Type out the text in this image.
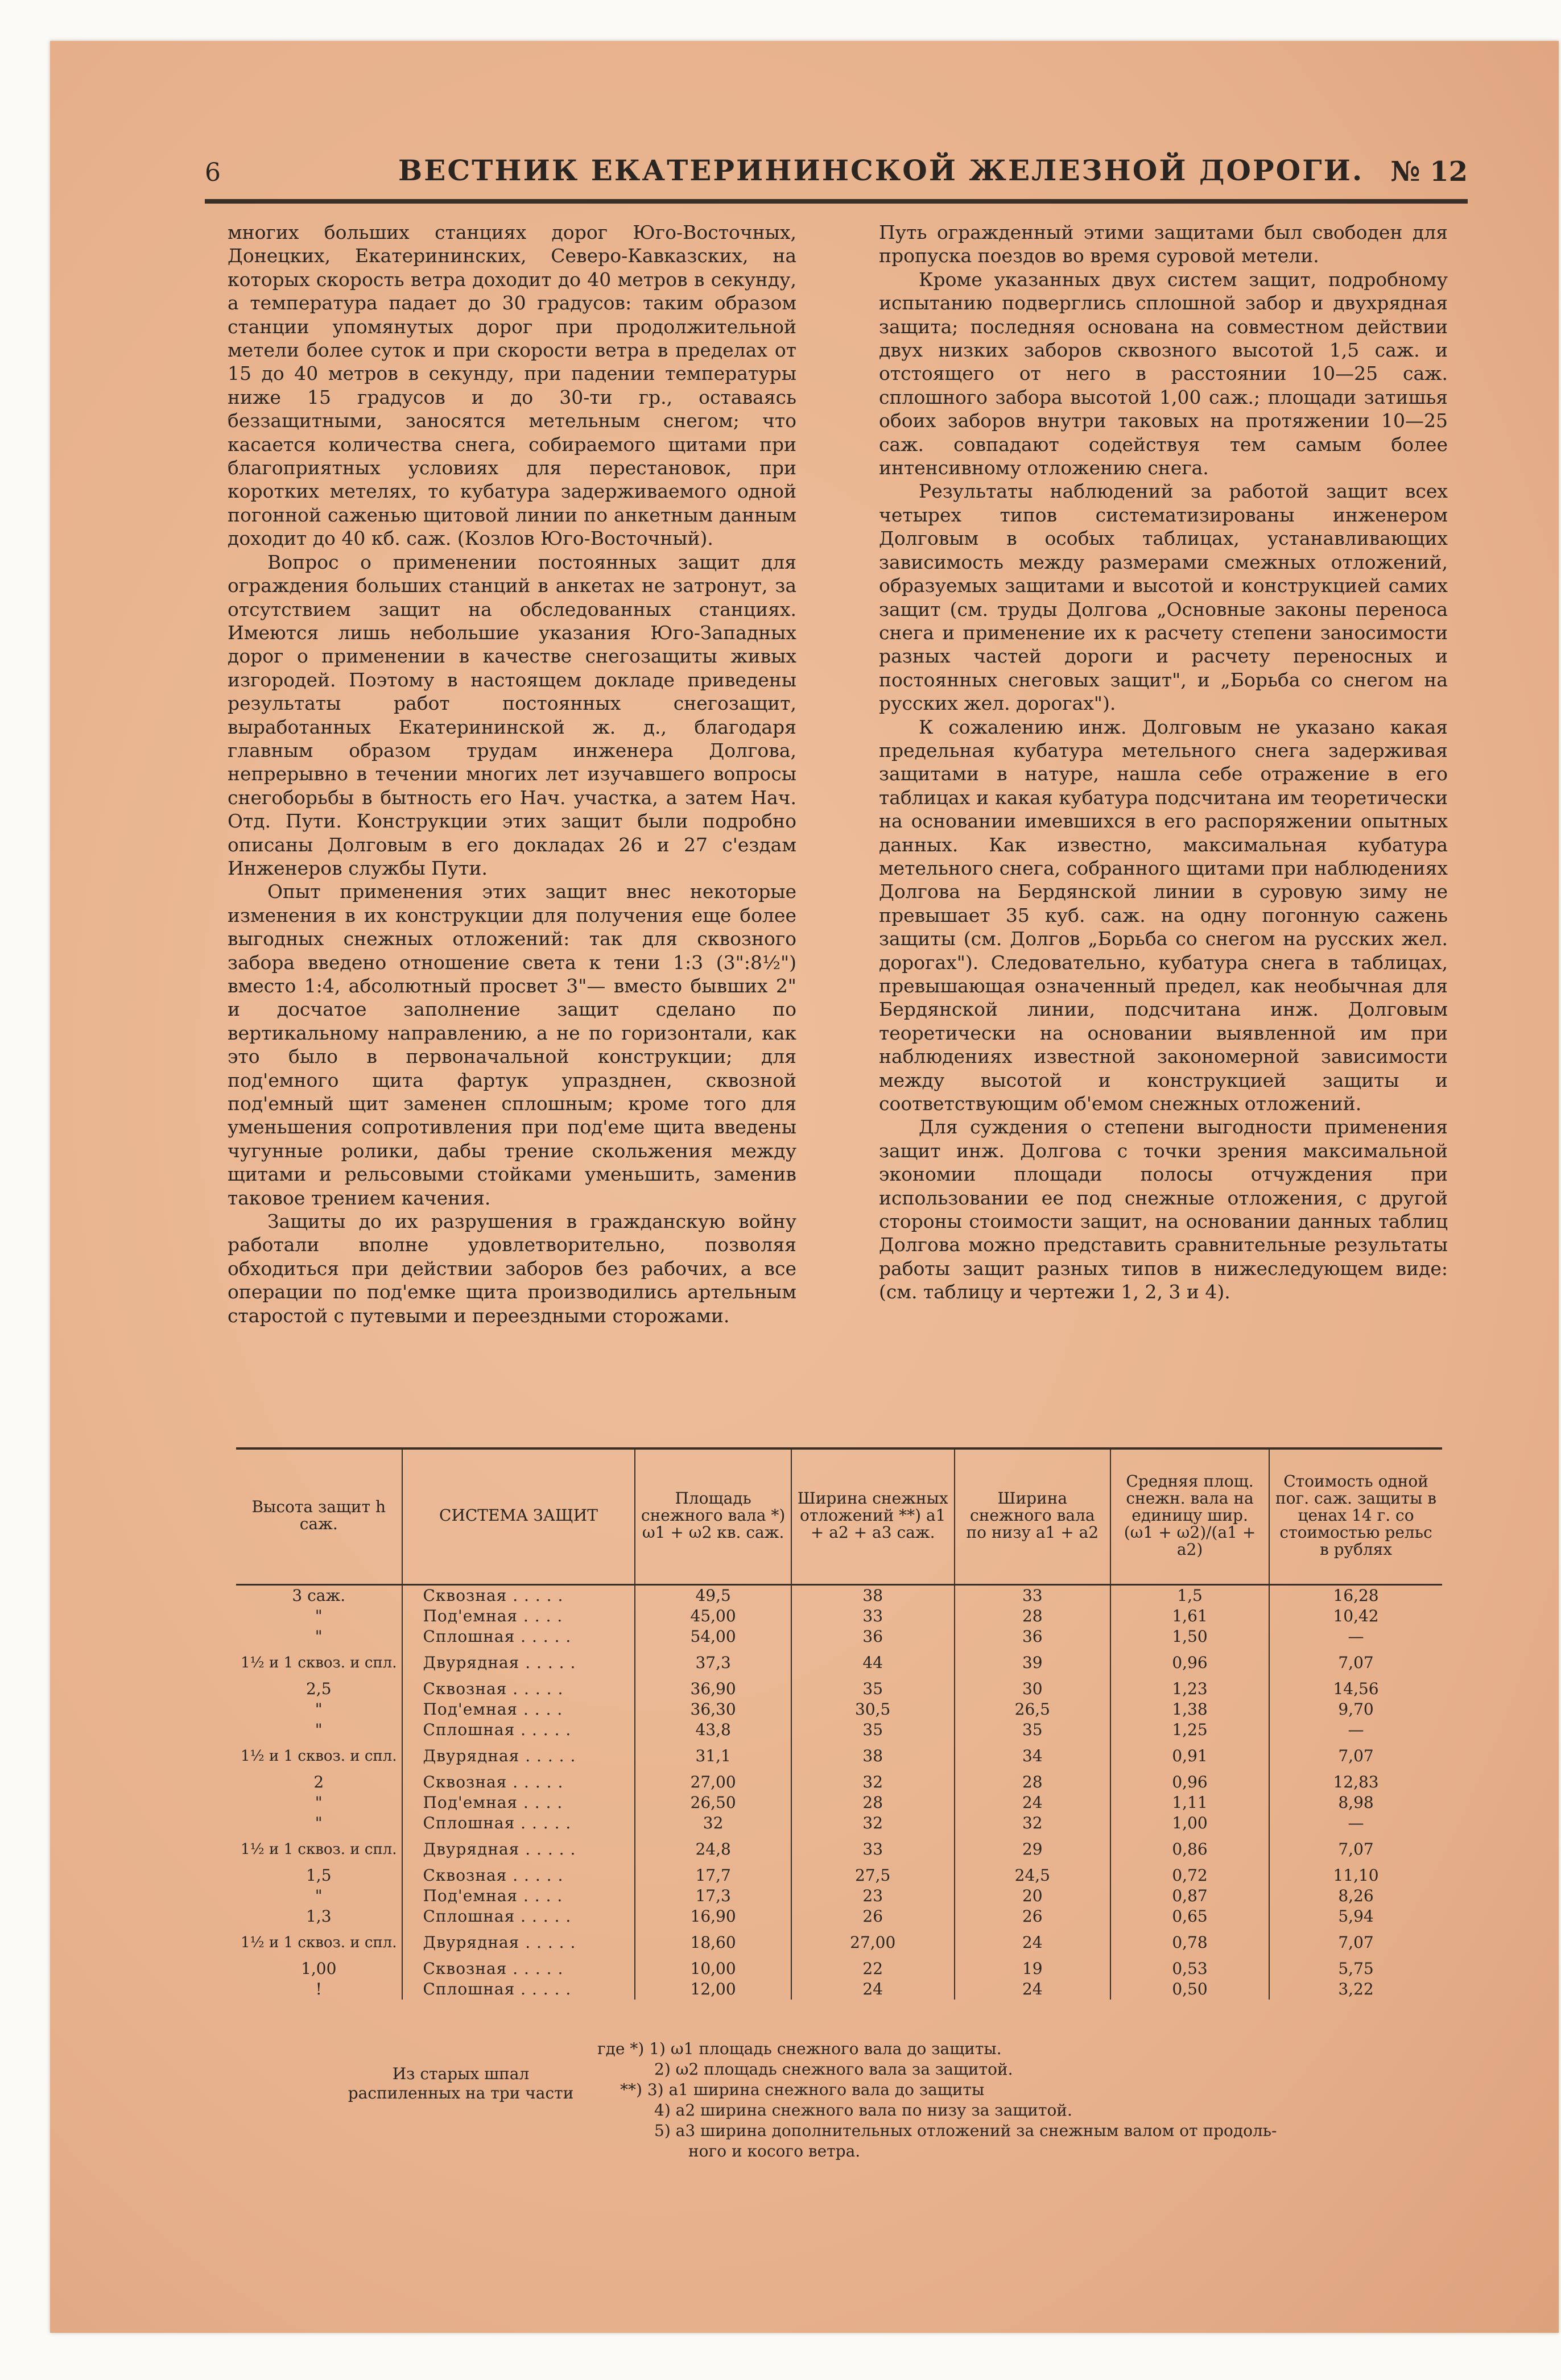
6	ВЕСТНИК ЕКАТЕРИНИНСКОЙ ЖЕЛЕЗНОЙ ДОРОГИ. № 12

многих больших станциях дорог Юго-Восточных, Донецких, Екатерининских, Северо-Кавказских, на которых скорость ветра доходит до 40 метров в секунду, а температура падает до 30 градусов: таким образом станции упомянутых дорог при продолжительной метели более суток и при скорости ветра в пределах от 15 до 40 метров в секунду, при падении температуры ниже 15 градусов и до 30-ти гр., оставаясь беззащитными, заносятся метельным снегом; что касается количества снега, собираемого щитами при благоприятных условиях для перестановок, при коротких метелях, то кубатура задерживаемого одной погонной саженью щитовой линии по анкетным данным доходит до 40 кб. саж. (Козлов Юго-Восточный).

Вопрос о применении постоянных защит для ограждения больших станций в анкетах не затронут, за отсутствием защит на обследованных станциях. Имеются лишь небольшие указания Юго-Западных дорог о применении в качестве снегозащиты живых изгородей. Поэтому в настоящем докладе приведены результаты работ постоянных снегозащит, выработанных Екатерининской ж. д., благодаря главным образом трудам инженера Долгова, непрерывно в течении многих лет изучавшего вопросы снегоборьбы в бытность его Нач. участка, а затем Нач. Отд. Пути. Конструкции этих защит были подробно описаны Долговым в его докладах 26 и 27 с'ездам Инженеров службы Пути.

Опыт применения этих защит внес некоторые изменения в их конструкции для получения еще более выгодных снежных отложений: так для сквозного забора введено отношение света к тени 1:3 (3":8½") вместо 1:4, абсолютный просвет 3"— вместо бывших 2" и досчатое заполнение защит сделано по вертикальному направлению, а не по горизонтали, как это было в первоначальной конструкции; для под'емного щита фартук упразднен, сквозной под'емный щит заменен сплошным; кроме того для уменьшения сопротивления при под'еме щита введены чугунные ролики, дабы трение скольжения между щитами и рельсовыми стойками уменьшить, заменив таковое трением качения.

Защиты до их разрушения в гражданскую войну работали вполне удовлетворительно, позволяя обходиться при действии заборов без рабочих, а все операции по под'емке щита производились артельным старостой с путевыми и переездными сторожами.

Путь огражденный этими защитами был свободен для пропуска поездов во время суровой метели.

Кроме указанных двух систем защит, подробному испытанию подверглись сплошной забор и двухрядная защита; последняя основана на совместном действии двух низких заборов сквозного высотой 1,5 саж. и отстоящего от него в расстоянии 10—25 саж. сплошного забора высотой 1,00 саж.; площади затишья обоих заборов внутри таковых на протяжении 10—25 саж. совпадают содействуя тем самым более интенсивному отложению снега.

Результаты наблюдений за работой защит всех четырех типов систематизированы инженером Долговым в особых таблицах, устанавливающих зависимость между размерами смежных отложений, образуемых защитами и высотой и конструкцией самих защит (см. труды Долгова „Основные законы переноса снега и применение их к расчету степени заносимости разных частей дороги и расчету переносных и постоянных снеговых защит", и „Борьба со снегом на русских жел. дорогах").

К сожалению инж. Долговым не указано какая предельная кубатура метельного снега задерживая защитами в натуре, нашла себе отражение в его таблицах и какая кубатура подсчитана им теоретически на основании имевшихся в его распоряжении опытных данных. Как известно, максимальная кубатура метельного снега, собранного щитами при наблюдениях Долгова на Бердянской линии в суровую зиму не превышает 35 куб. саж. на одну погонную сажень защиты (см. Долгов „Борьба со снегом на русских жел. дорогах"). Следовательно, кубатура снега в таблицах, превышающая означенный предел, как необычная для Бердянской линии, подсчитана инж. Долговым теоретически на основании выявленной им при наблюдениях известной закономерной зависимости между высотой и конструкцией защиты и соответствующим об'емом снежных отложений.

Для суждения о степени выгодности применения защит инж. Долгова с точки зрения максимальной экономии площади полосы отчуждения при использовании ее под снежные отложения, с другой стороны стоимости защит, на основании данных таблиц Долгова можно представить сравнительные результаты работы защит разных типов в нижеследующем виде: (см. таблицу и чертежи 1, 2, 3 и 4).

Высота защит h саж.	СИСТЕМА ЗАЩИТ	Площадь снежного вала *) ω1 + ω2 кв. саж.	Ширина снежных отложений **) a1 + a2 + a3 саж.	Ширина снежного вала по низу a1 + a2	Средняя площ. снежн. вала на единицу шир. (ω1 + ω2)/(a1 + a2)	Стоимость одной пог. саж. защиты в ценах 14 г. со стоимостью рельс в рублях
3 саж.	Сквозная . . . . .	49,5	38	33	1,5	16,28
"	Под'емная . . . .	45,00	33	28	1,61	10,42
"	Сплошная . . . . .	54,00	36	36	1,50	—
1½ и 1 сквоз. и спл.	Двурядная . . . . .	37,3	44	39	0,96	7,07
2,5	Сквозная . . . . .	36,90	35	30	1,23	14,56
"	Под'емная . . . .	36,30	30,5	26,5	1,38	9,70
"	Сплошная . . . . .	43,8	35	35	1,25	—
1½ и 1 сквоз. и спл.	Двурядная . . . . .	31,1	38	34	0,91	7,07
2	Сквозная . . . . .	27,00	32	28	0,96	12,83
"	Под'емная . . . .	26,50	28	24	1,11	8,98
"	Сплошная . . . . .	32	32	32	1,00	—
1½ и 1 сквоз. и спл.	Двурядная . . . . .	24,8	33	29	0,86	7,07
1,5	Сквозная . . . . .	17,7	27,5	24,5	0,72	11,10
"	Под'емная . . . .	17,3	23	20	0,87	8,26
1,3	Сплошная . . . . .	16,90	26	26	0,65	5,94
1½ и 1 сквоз. и спл.	Двурядная . . . . .	18,60	27,00	24	0,78	7,07
1,00	Сквозная . . . . .	10,00	22	19	0,53	5,75
!	Сплошная . . . . .	12,00	24	24	0,50	3,22
Из старых шпал распиленных на три части
где *) 1) ω1 площадь снежного вала до защиты.
2) ω2 площадь снежного вала за защитой.
**) 3) a1 ширина снежного вала до защиты
4) a2 ширина снежного вала по низу за защитой.
5) a3 ширина дополнительных отложений за снежным валом от продоль-
ного и косого ветра.
